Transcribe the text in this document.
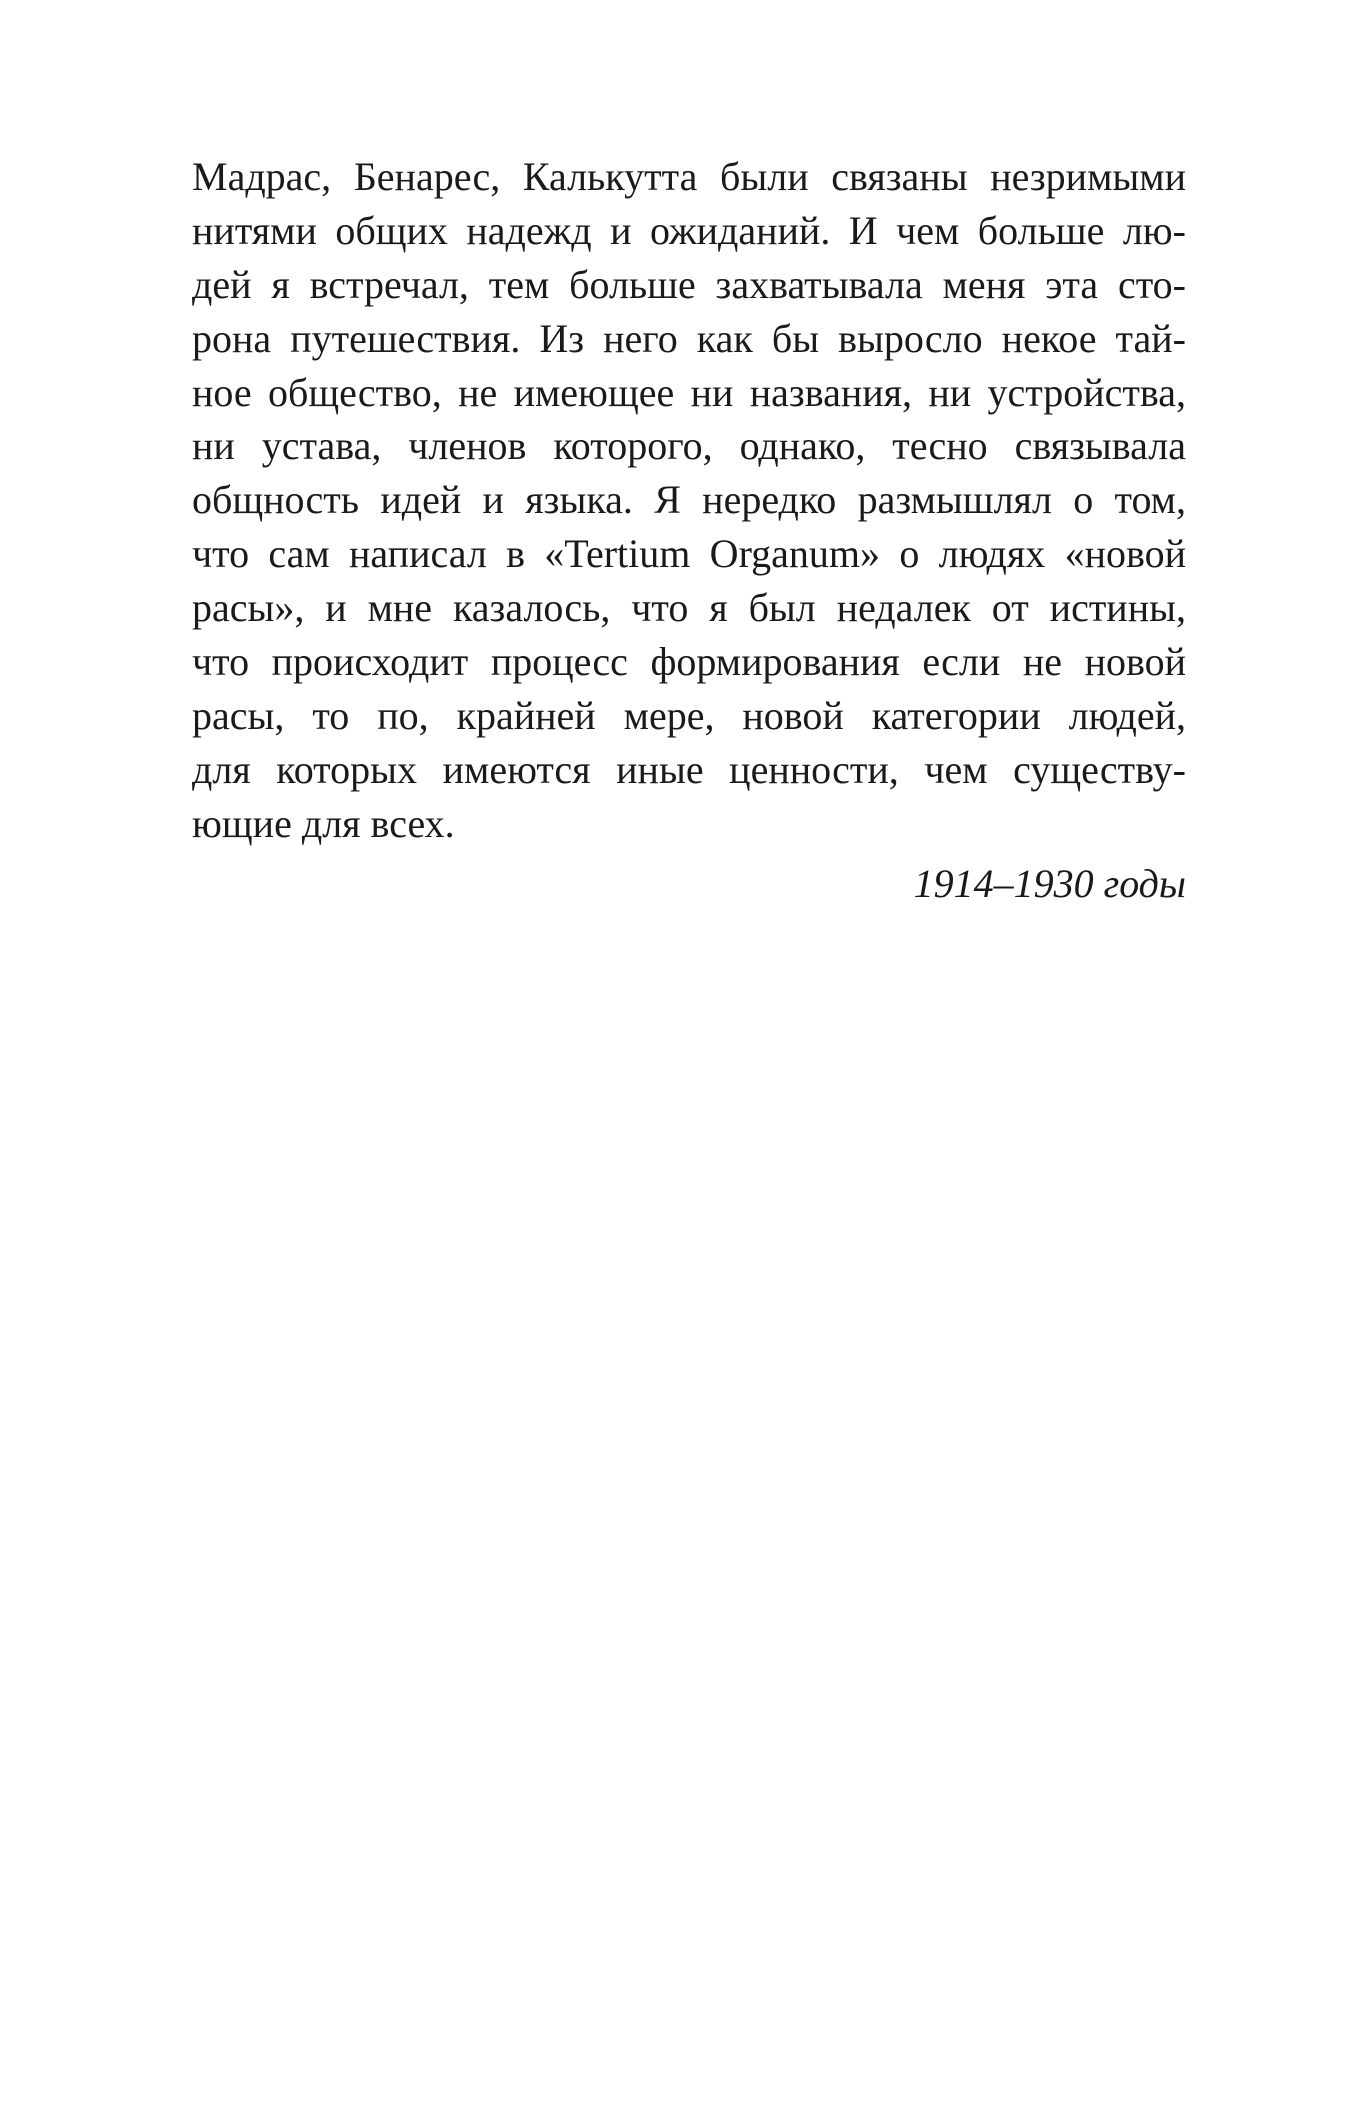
Мадрас, Бенарес, Калькутта были связаны незримыми
нитями общих надежд и ожиданий. И чем больше лю-
дей я встречал, тем больше захватывала меня эта сто-
рона путешествия. Из него как бы выросло некое тай-
ное общество, не имеющее ни названия, ни устройства,
ни устава, членов которого, однако, тесно связывала
общность идей и языка. Я нередко размышлял о том,
что сам написал в «Tertium Organum» о людях «новой
расы», и мне казалось, что я был недалек от истины,
что происходит процесс формирования если не новой
расы, то по, крайней мере, новой категории людей,
для которых имеются иные ценности, чем существу-
ющие для всех.
1914–1930 годы
